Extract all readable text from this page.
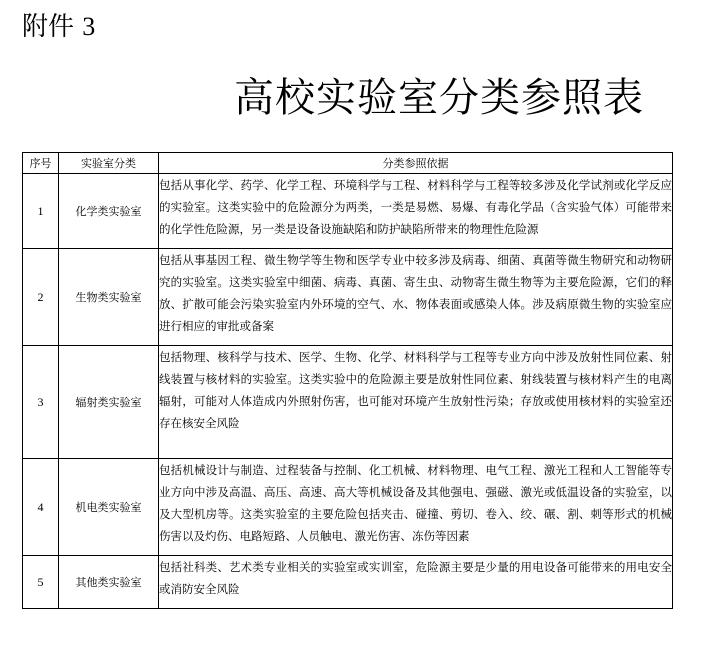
附件 3
高校实验室分类参照表
序号	实验室分类	分类参照依据
1	化学类实验室	包括从事化学、药学、化学工程、环境科学与工程、材料科学与工程等较多涉及化学试剂或化学反应的实验室。这类实验中的危险源分为两类，一类是易燃、易爆、有毒化学品（含实验气体）可能带来的化学性危险源，另一类是设备设施缺陷和防护缺陷所带来的物理性危险源
2	生物类实验室	包括从事基因工程、微生物学等生物和医学专业中较多涉及病毒、细菌、真菌等微生物研究和动物研究的实验室。这类实验室中细菌、病毒、真菌、寄生虫、动物寄生微生物等为主要危险源，它们的释放、扩散可能会污染实验室内外环境的空气、水、物体表面或感染人体。涉及病原微生物的实验室应进行相应的审批或备案
3	辐射类实验室	包括物理、核科学与技术、医学、生物、化学、材料科学与工程等专业方向中涉及放射性同位素、射线装置与核材料的实验室。这类实验中的危险源主要是放射性同位素、射线装置与核材料产生的电离辐射，可能对人体造成内外照射伤害，也可能对环境产生放射性污染；存放或使用核材料的实验室还存在核安全风险
4	机电类实验室	包括机械设计与制造、过程装备与控制、化工机械、材料物理、电气工程、激光工程和人工智能等专业方向中涉及高温、高压、高速、高大等机械设备及其他强电、强磁、激光或低温设备的实验室，以及大型机房等。这类实验室的主要危险包括夹击、碰撞、剪切、卷入、绞、碾、割、刺等形式的机械伤害以及灼伤、电路短路、人员触电、激光伤害、冻伤等因素
5	其他类实验室	包括社科类、艺术类专业相关的实验室或实训室，危险源主要是少量的用电设备可能带来的用电安全或消防安全风险
